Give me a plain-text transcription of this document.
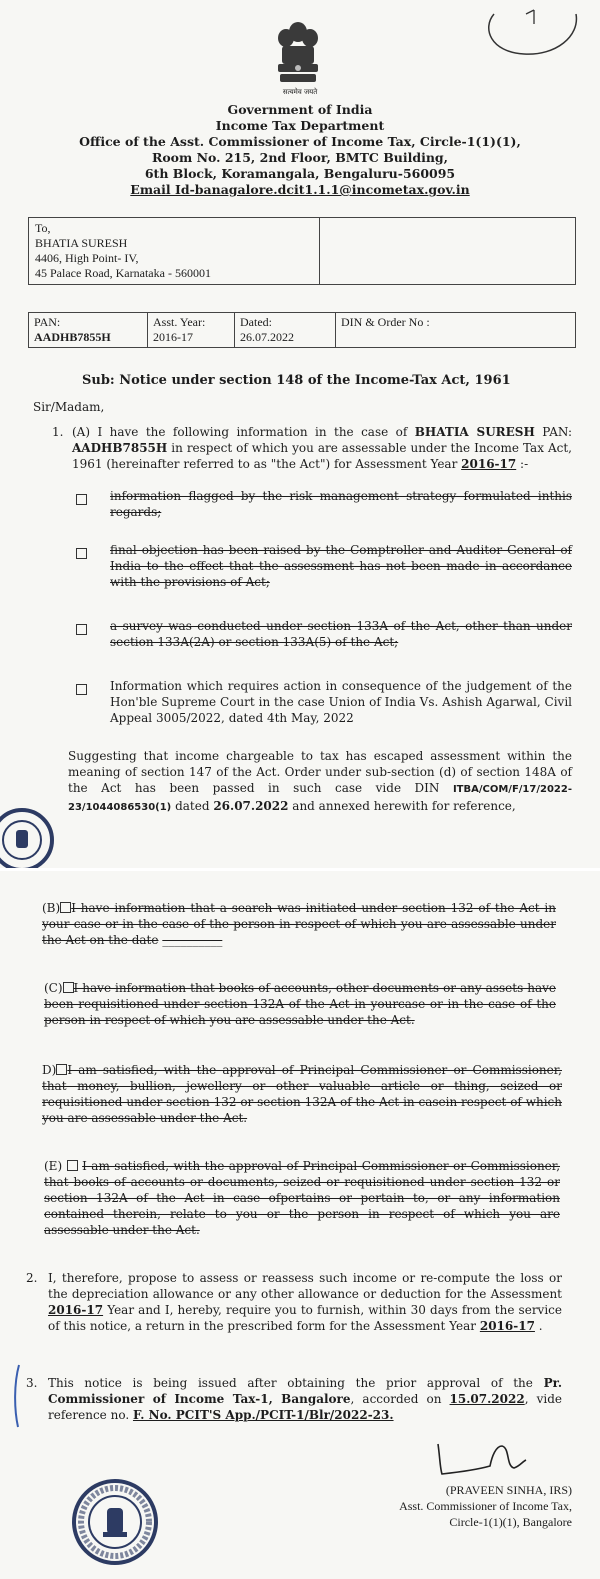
सत्यमेव जयते
Government of India
Income Tax Department
Office of the Asst. Commissioner of Income Tax, Circle-1(1)(1),
Room No. 215, 2nd Floor, BMTC Building,
6th Block, Koramangala, Bengaluru-560095
Email Id-banagalore.dcit1.1.1@incometax.gov.in
To,
BHATIA SURESH
4406, High Point- IV,
45 Palace Road, Karnataka - 560001

PAN:
AADHB7855H

Asst. Year:
2016-17

Dated:
26.07.2022

DIN & Order No :
Sub: Notice under section 148 of the Income-Tax Act, 1961
Sir/Madam,
1. (A) I have the following information in the case of BHATIA SURESH PAN: AADHB7855H in respect of which you are assessable under the Income Tax Act, 1961 (hereinafter referred to as "the Act") for Assessment Year 2016-17 :-
information flagged by the risk management strategy formulated inthis regards;
final objection has been raised by the Comptroller and Auditor General of India to the effect that the assessment has not been made in accordance with the provisions of Act;
a survey was conducted under section 133A of the Act, other than under section 133A(2A) or section 133A(5) of the Act;
Information which requires action in consequence of the judgement of the Hon'ble Supreme Court in the case Union of India Vs. Ashish Agarwal, Civil Appeal 3005/2022, dated 4th May, 2022
Suggesting that income chargeable to tax has escaped assessment within the meaning of section 147 of the Act. Order under sub-section (d) of section 148A of the Act has been passed in such case vide DIN ITBA/COM/F/17/2022-23/1044086530(1) dated 26.07.2022 and annexed herewith for reference,
(B) I have information that a search was initiated under section 132 of the Act in your case or in the case of the person in respect of which you are assessable under the Act on the date __________
(C) I have information that books of accounts, other documents or any assets have been requisitioned under section 132A of the Act in yourcase or in the case of the person in respect of which you are assessable under the Act.
D) I am satisfied, with the approval of Principal Commissioner or Commissioner, that money, bullion, jewellery or other valuable article or thing, seized or requisitioned under section 132 or section 132A of the Act in casein respect of which you are assessable under the Act.
(E)  I am satisfied, with the approval of Principal Commissioner or Commissioner, that books of accounts or documents, seized or requisitioned under section 132 or section 132A of the Act in case ofpertains or pertain to, or any information contained therein, relate to you or the person in respect of which you are assessable under the Act.
2. I, therefore, propose to assess or reassess such income or re-compute the loss or the depreciation allowance or any other allowance or deduction for the Assessment 2016-17 Year and I, hereby, require you to furnish, within 30 days from the service of this notice, a return in the prescribed form for the Assessment Year 2016-17 .
3. This notice is being issued after obtaining the prior approval of the Pr. Commissioner of Income Tax-1, Bangalore, accorded on 15.07.2022, vide reference no. F. No. PCIT'S App./PCIT-1/Blr/2022-23.
(PRAVEEN SINHA, IRS)
Asst. Commissioner of Income Tax,
Circle-1(1)(1), Bangalore
